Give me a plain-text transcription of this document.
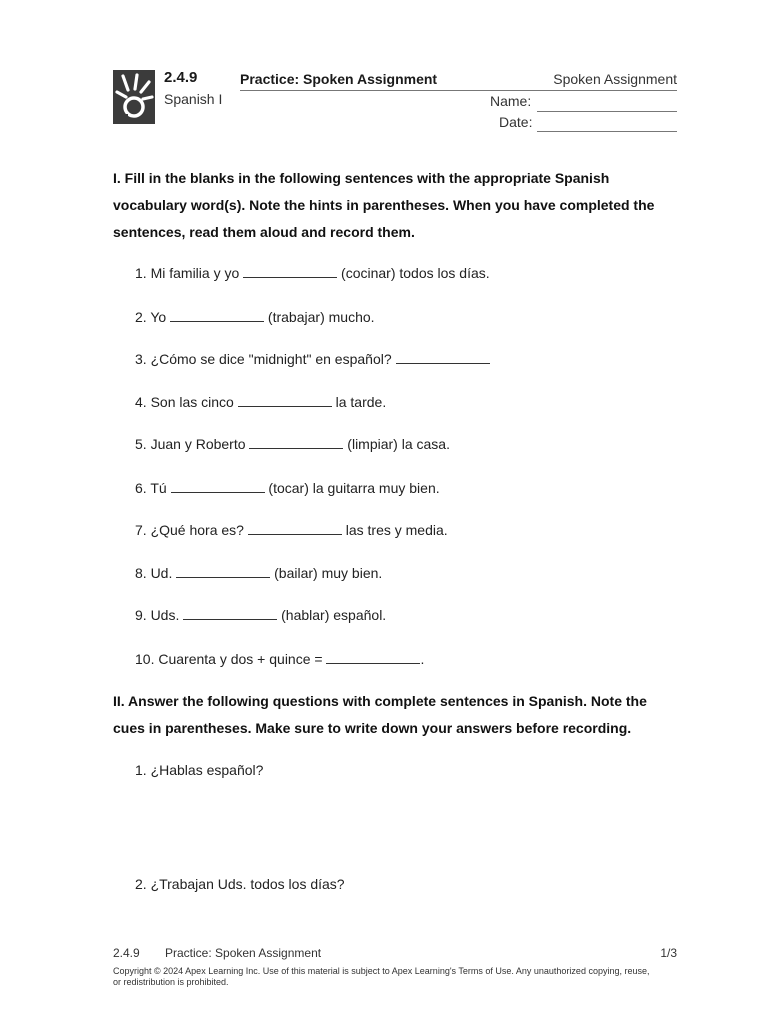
2.4.9
Spanish I
Practice: Spoken Assignment	Spoken Assignment
Name:
Date:
I. Fill in the blanks in the following sentences with the appropriate Spanish vocabulary word(s). Note the hints in parentheses. When you have completed the sentences, read them aloud and record them.
1. Mi familia y yo	(cocinar) todos los días.
2. Yo	(trabajar) mucho.
3. ¿Cómo se dice "midnight" en español?
4. Son las cinco	la tarde.
5. Juan y Roberto	(limpiar) la casa.
6. Tú	(tocar) la guitarra muy bien.
7. ¿Qué hora es?	las tres y media.
8. Ud.	(bailar) muy bien.
9. Uds.	(hablar) español.
10. Cuarenta y dos + quince =	.
II. Answer the following questions with complete sentences in Spanish. Note the cues in parentheses. Make sure to write down your answers before recording.
1. ¿Hablas español?
2. ¿Trabajan Uds. todos los días?
2.4.9 Practice: Spoken Assignment	1/3
Copyright © 2024 Apex Learning Inc. Use of this material is subject to Apex Learning's Terms of Use. Any unauthorized copying, reuse, or redistribution is prohibited.
